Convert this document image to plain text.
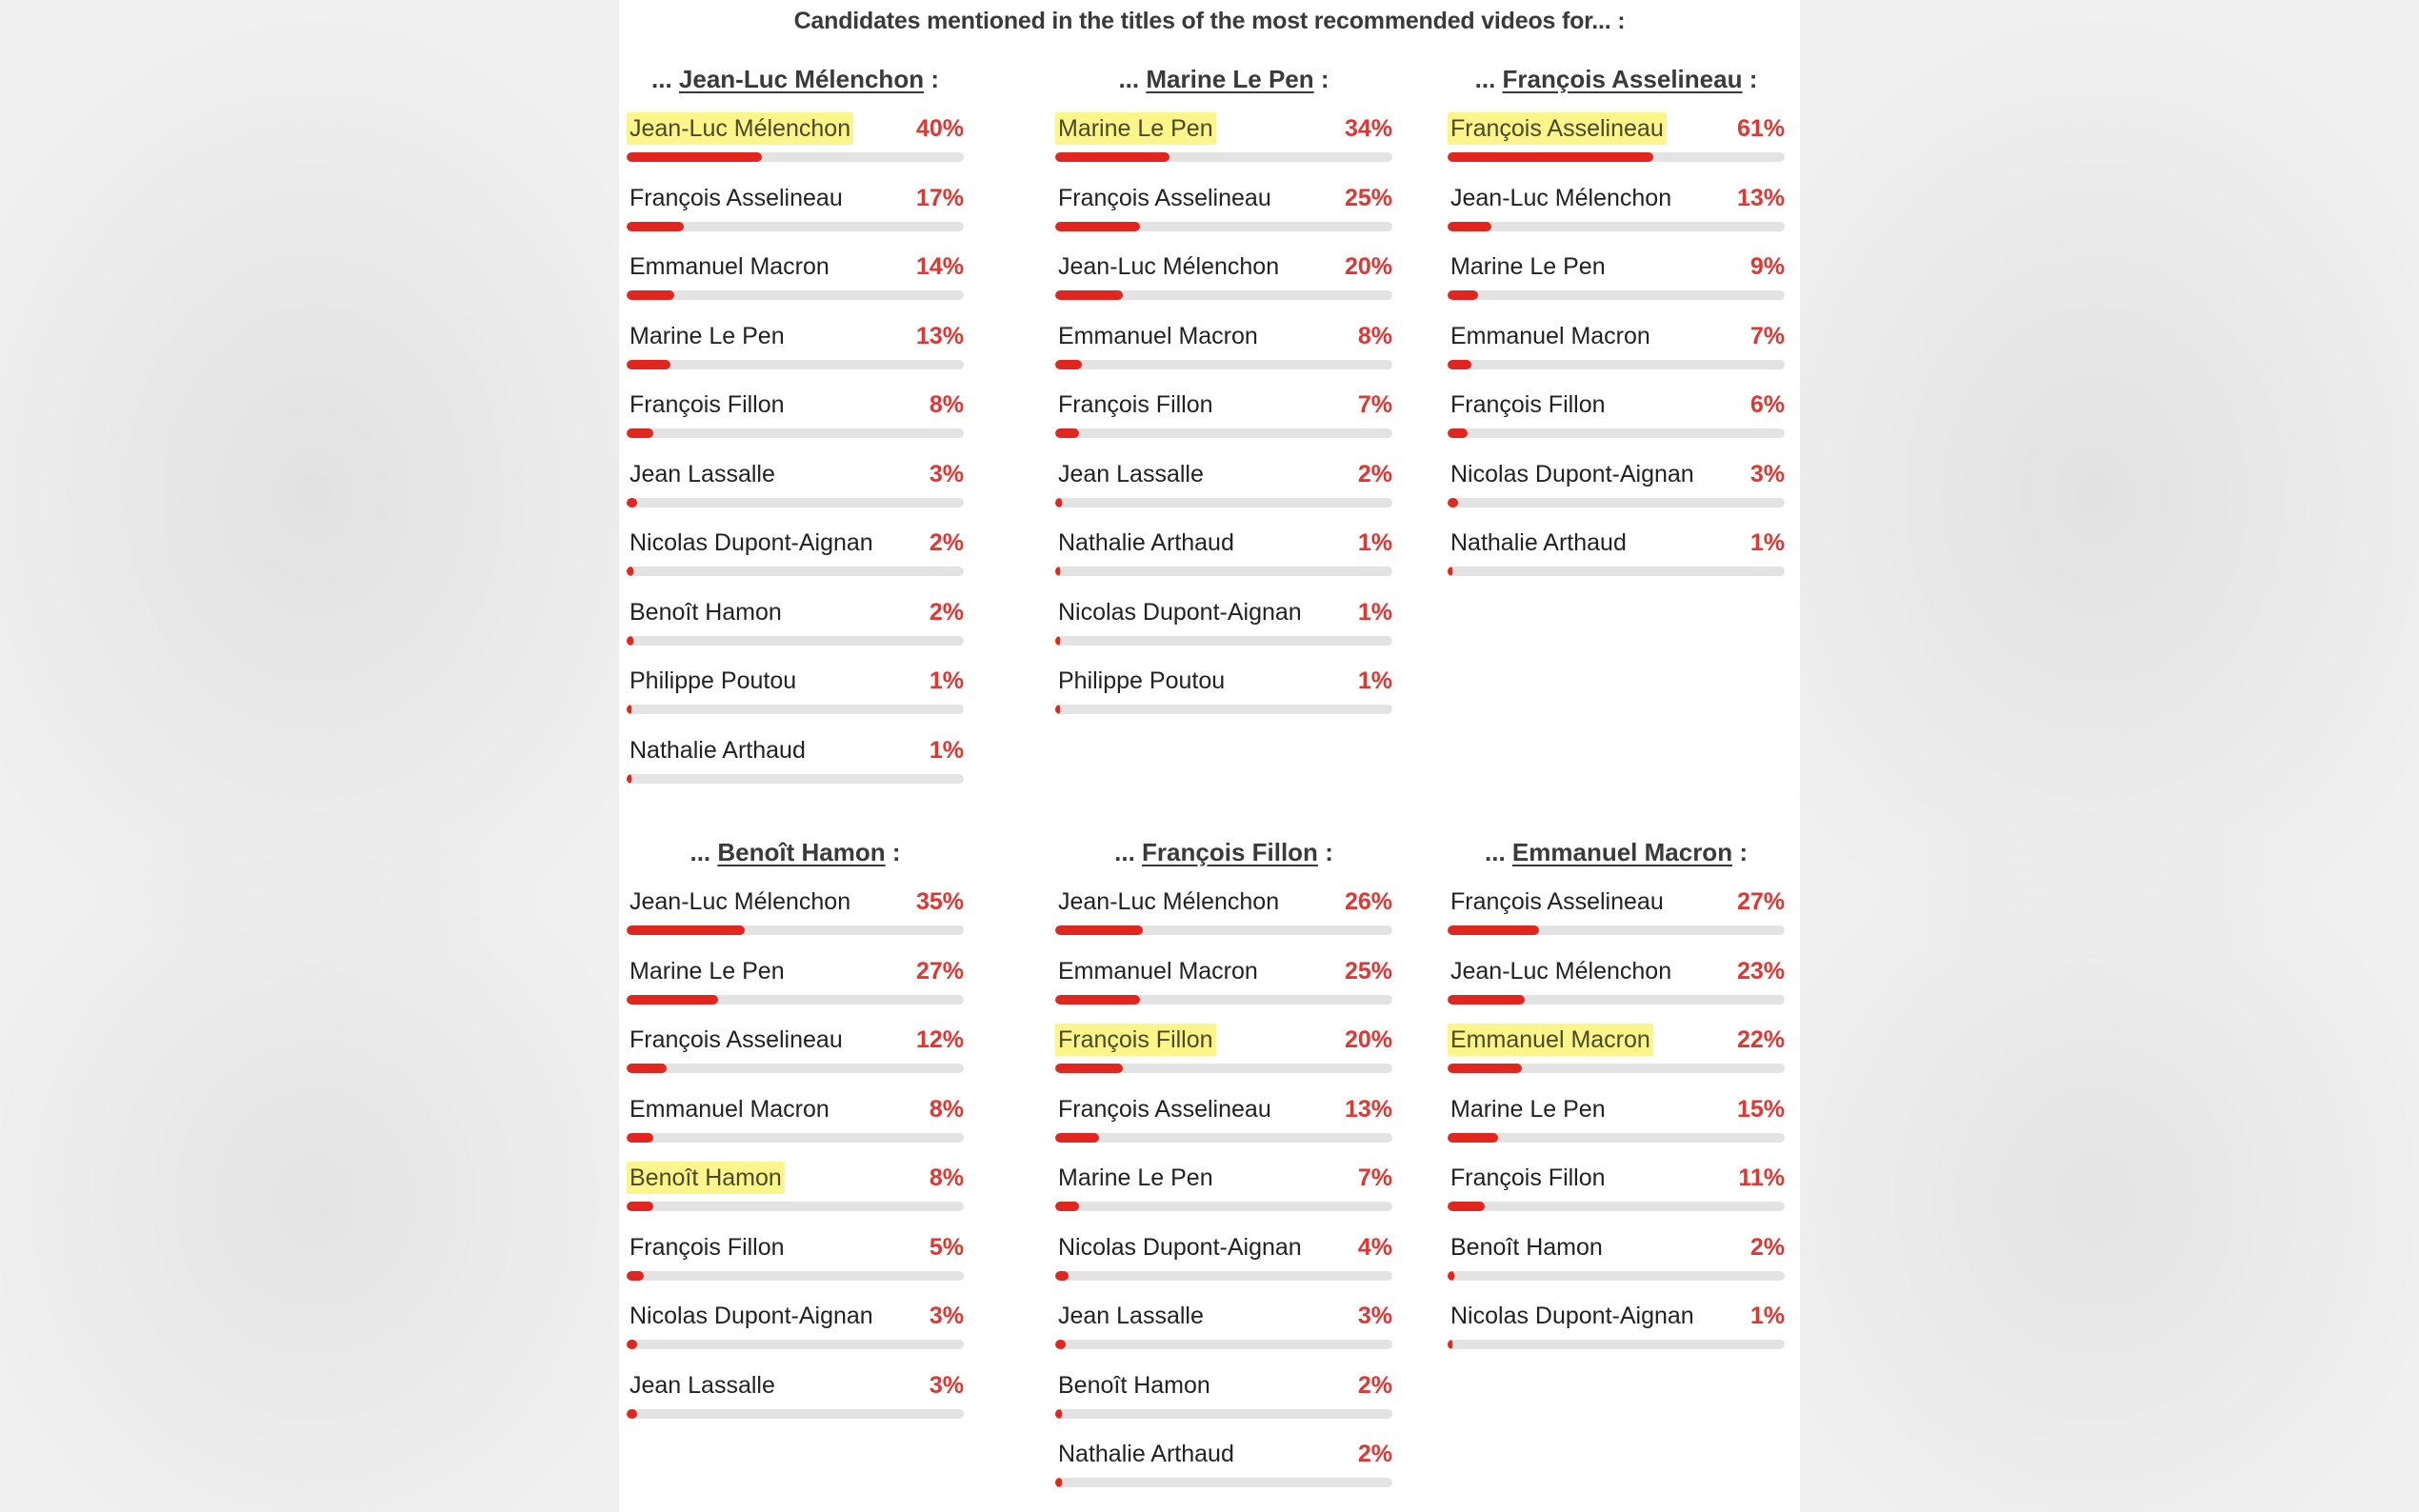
Candidates mentioned in the titles of the most recommended videos for... :
... Jean-Luc Mélenchon :
Jean-Luc Mélenchon	40%
François Asselineau	17%
Emmanuel Macron	14%
Marine Le Pen	13%
François Fillon	8%
Jean Lassalle	3%
Nicolas Dupont-Aignan 2%
Benoît Hamon	2%
Philippe Poutou	1%
Nathalie Arthaud	1%
... Marine Le Pen :
Marine Le Pen	34%
François Asselineau	25%
Jean-Luc Mélenchon	20%
Emmanuel Macron	8%
François Fillon	7%
Jean Lassalle	2%
Nathalie Arthaud	1%
Nicolas Dupont-Aignan 1%
Philippe Poutou	1%
... François Asselineau :
François Asselineau	61%
Jean-Luc Mélenchon	13%
Marine Le Pen	9%
Emmanuel Macron	7%
François Fillon	6%
Nicolas Dupont-Aignan 3%
Nathalie Arthaud	1%
... Benoît Hamon :
Jean-Luc Mélenchon	35%
Marine Le Pen	27%
François Asselineau	12%
Emmanuel Macron	8%
Benoît Hamon	8%
François Fillon	5%
Nicolas Dupont-Aignan 3%
Jean Lassalle	3%
... François Fillon :
Jean-Luc Mélenchon	26%
Emmanuel Macron	25%
François Fillon	20%
François Asselineau	13%
Marine Le Pen	7%
Nicolas Dupont-Aignan 4%
Jean Lassalle	3%
Benoît Hamon	2%
Nathalie Arthaud	2%
... Emmanuel Macron :
François Asselineau	27%
Jean-Luc Mélenchon	23%
Emmanuel Macron	22%
Marine Le Pen	15%
François Fillon	11%
Benoît Hamon	2%
Nicolas Dupont-Aignan 1%
